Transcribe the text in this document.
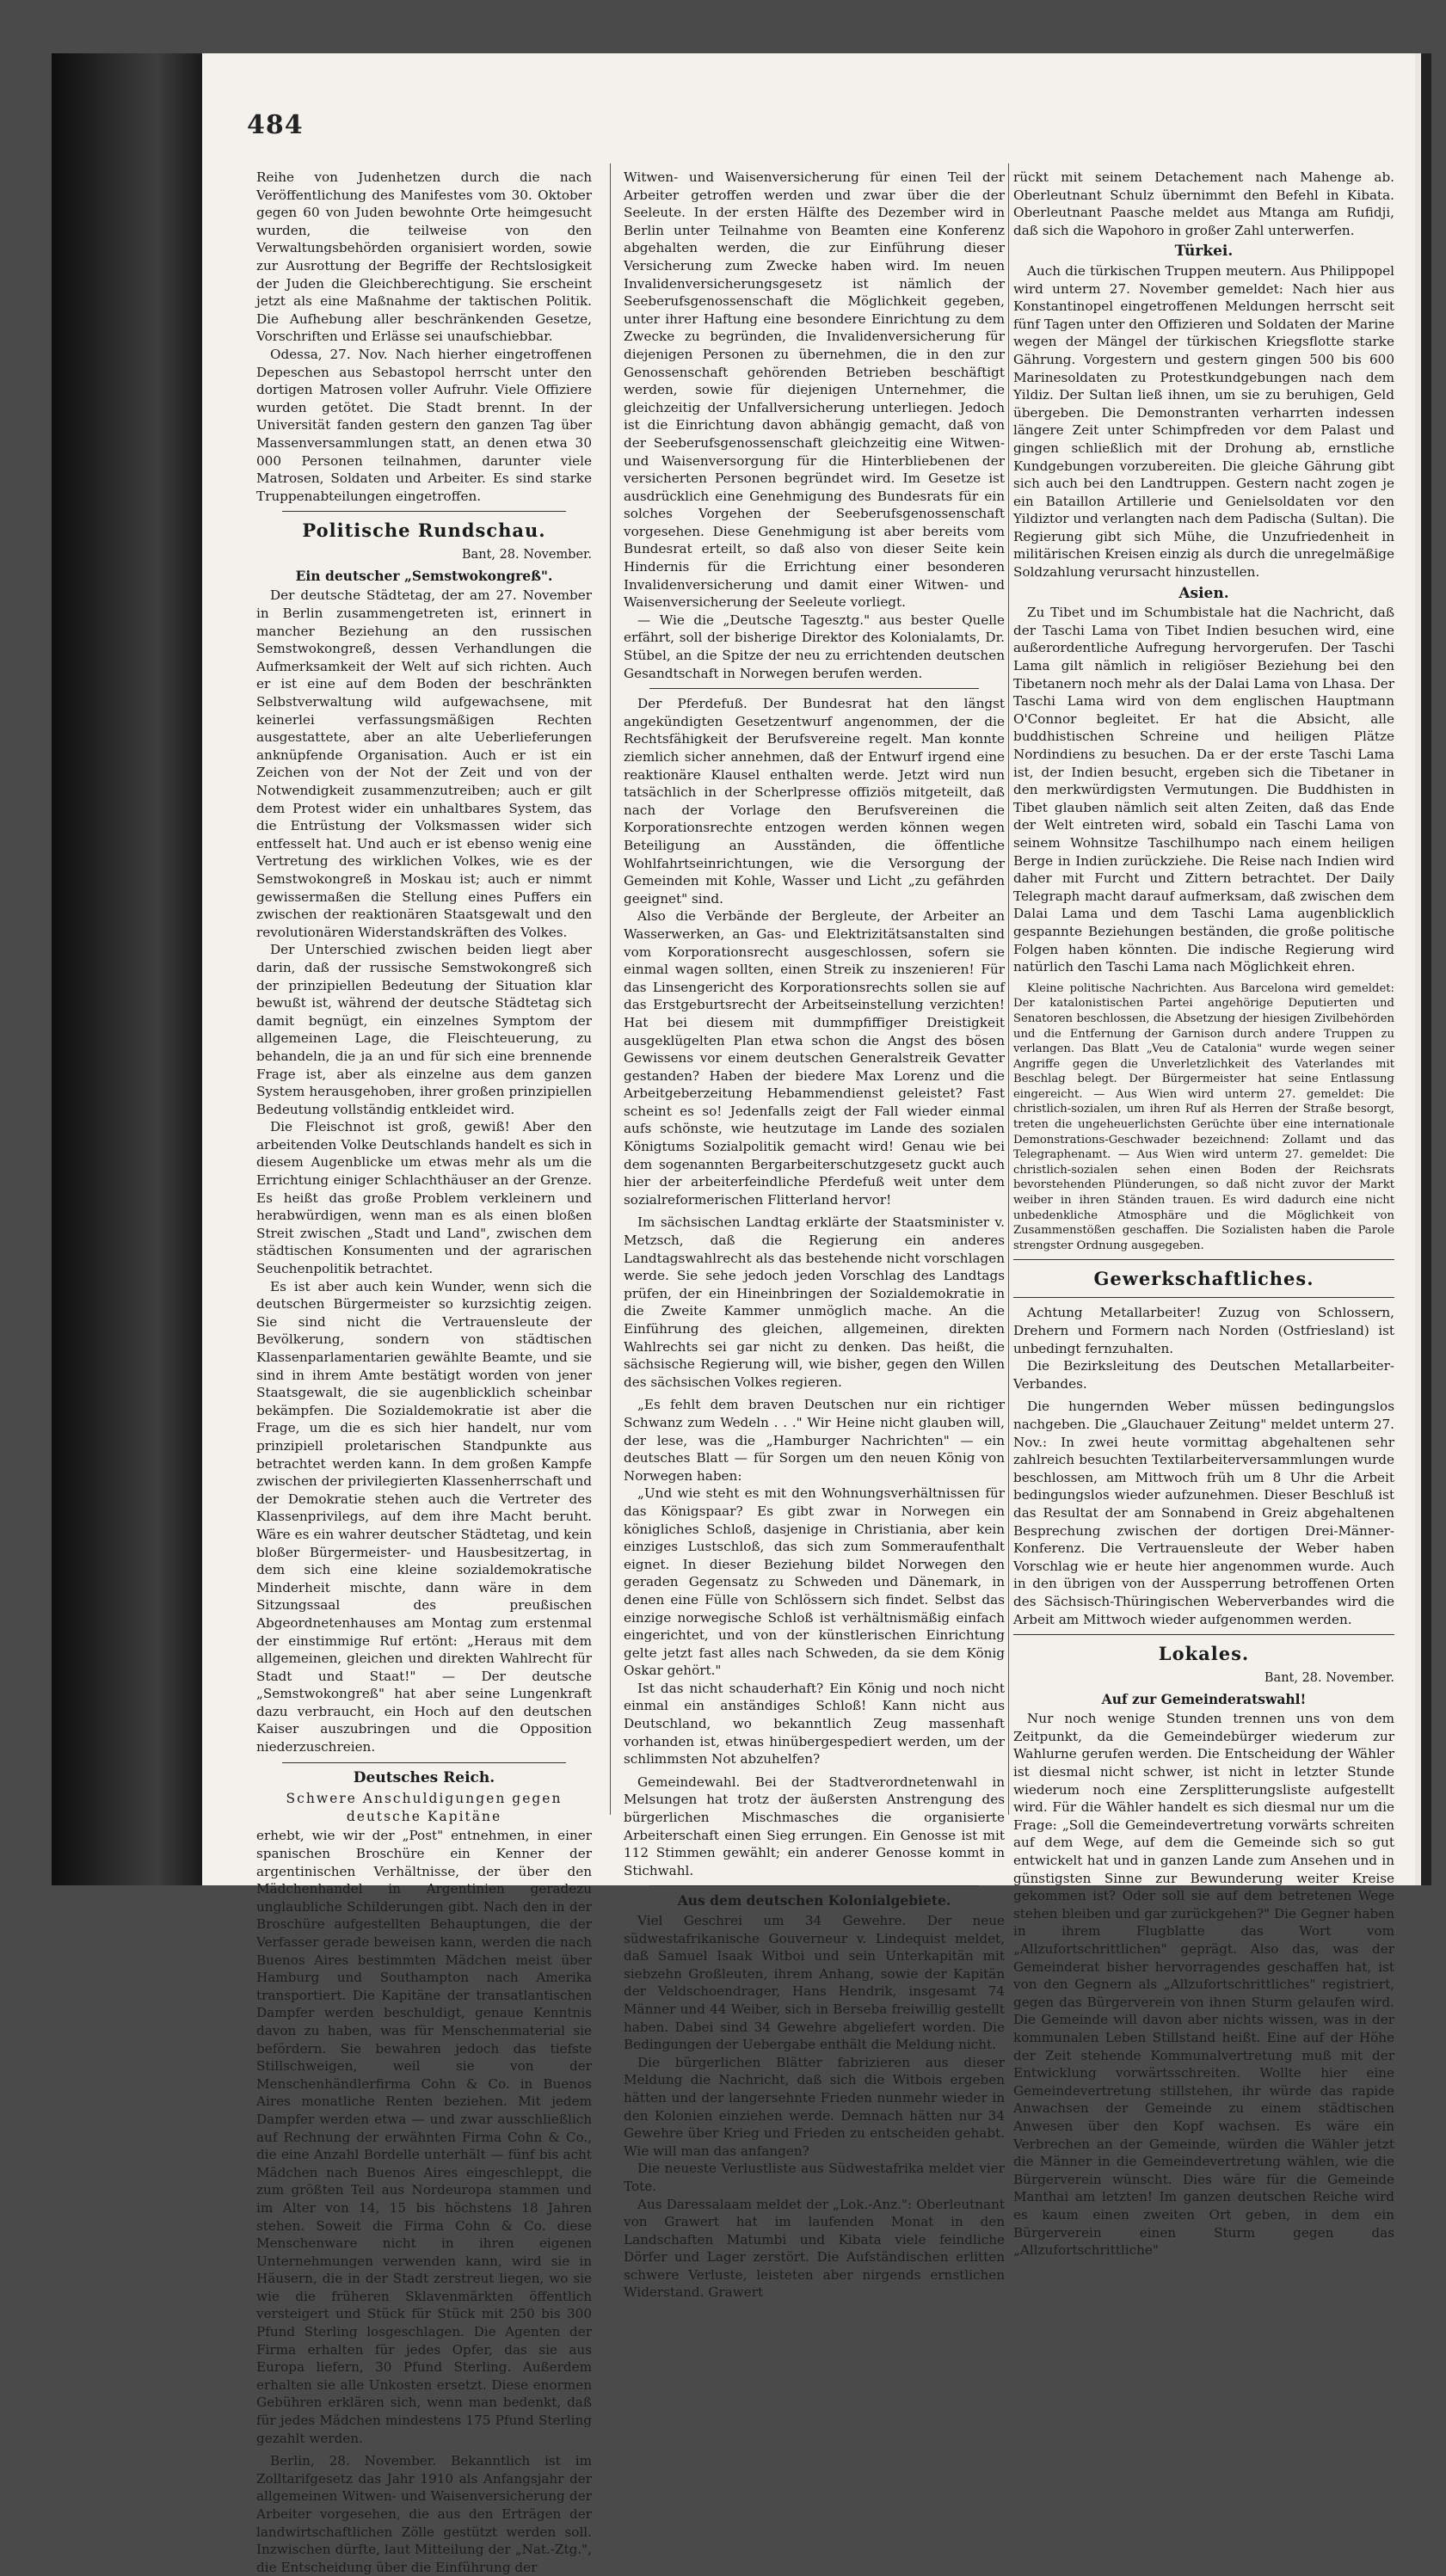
484

Reihe von Judenhetzen durch die nach Veröffentlichung des Manifestes vom 30. Oktober gegen 60 von Juden bewohnte Orte heimgesucht wurden, die teilweise von den Verwaltungsbehörden organisiert worden, sowie zur Ausrottung der Begriffe der Rechtslosigkeit der Juden die Gleichberechtigung. Sie erscheint jetzt als eine Maßnahme der taktischen Politik. Die Aufhebung aller beschränkenden Gesetze, Vorschriften und Erlässe sei unaufschiebbar.

Odessa, 27. Nov. Nach hierher eingetroffenen Depeschen aus Sebastopol herrscht unter den dortigen Matrosen voller Aufruhr. Viele Offiziere wurden getötet. Die Stadt brennt. In der Universität fanden gestern den ganzen Tag über Massenversammlungen statt, an denen etwa 30 000 Personen teilnahmen, darunter viele Matrosen, Soldaten und Arbeiter. Es sind starke Truppenabteilungen eingetroffen.

Politische Rundschau.
Bant, 28. November.
Ein deutscher „Semstwokongreß".

Der deutsche Städtetag, der am 27. November in Berlin zusammengetreten ist, erinnert in mancher Beziehung an den russischen Semstwokongreß, dessen Verhandlungen die Aufmerksamkeit der Welt auf sich richten. Auch er ist eine auf dem Boden der beschränkten Selbstverwaltung wild aufgewachsene, mit keinerlei verfassungsmäßigen Rechten ausgestattete, aber an alte Ueberlieferungen anknüpfende Organisation. Auch er ist ein Zeichen von der Not der Zeit und von der Notwendigkeit zusammenzutreiben; auch er gilt dem Protest wider ein unhaltbares System, das die Entrüstung der Volksmassen wider sich entfesselt hat. Und auch er ist ebenso wenig eine Vertretung des wirklichen Volkes, wie es der Semstwokongreß in Moskau ist; auch er nimmt gewissermaßen die Stellung eines Puffers ein zwischen der reaktionären Staatsgewalt und den revolutionären Widerstandskräften des Volkes.

Der Unterschied zwischen beiden liegt aber darin, daß der russische Semstwokongreß sich der prinzipiellen Bedeutung der Situation klar bewußt ist, während der deutsche Städtetag sich damit begnügt, ein einzelnes Symptom der allgemeinen Lage, die Fleischteuerung, zu behandeln, die ja an und für sich eine brennende Frage ist, aber als einzelne aus dem ganzen System herausgehoben, ihrer großen prinzipiellen Bedeutung vollständig entkleidet wird.

Die Fleischnot ist groß, gewiß! Aber den arbeitenden Volke Deutschlands handelt es sich in diesem Augenblicke um etwas mehr als um die Errichtung einiger Schlachthäuser an der Grenze. Es heißt das große Problem verkleinern und herabwürdigen, wenn man es als einen bloßen Streit zwischen „Stadt und Land", zwischen dem städtischen Konsumenten und der agrarischen Seuchenpolitik betrachtet.

Es ist aber auch kein Wunder, wenn sich die deutschen Bürgermeister so kurzsichtig zeigen. Sie sind nicht die Vertrauensleute der Bevölkerung, sondern von städtischen Klassenparlamentarien gewählte Beamte, und sie sind in ihrem Amte bestätigt worden von jener Staatsgewalt, die sie augenblicklich scheinbar bekämpfen. Die Sozialdemokratie ist aber die Frage, um die es sich hier handelt, nur vom prinzipiell proletarischen Standpunkte aus betrachtet werden kann. In dem großen Kampfe zwischen der privilegierten Klassenherrschaft und der Demokratie stehen auch die Vertreter des Klassenprivilegs, auf dem ihre Macht beruht. Wäre es ein wahrer deutscher Städtetag, und kein bloßer Bürgermeister- und Hausbesitzertag, in dem sich eine kleine sozialdemokratische Minderheit mischte, dann wäre in dem Sitzungssaal des preußischen Abgeordnetenhauses am Montag zum erstenmal der einstimmige Ruf ertönt: „Heraus mit dem allgemeinen, gleichen und direkten Wahlrecht für Stadt und Staat!" — Der deutsche „Semstwokongreß" hat aber seine Lungenkraft dazu verbraucht, ein Hoch auf den deutschen Kaiser auszubringen und die Opposition niederzuschreien.

Deutsches Reich.
Schwere Anschuldigungen gegen deutsche Kapitäne

erhebt, wie wir der „Post" entnehmen, in einer spanischen Broschüre ein Kenner der argentinischen Verhältnisse, der über den Mädchenhandel in Argentinien geradezu unglaubliche Schilderungen gibt. Nach den in der Broschüre aufgestellten Behauptungen, die der Verfasser gerade beweisen kann, werden die nach Buenos Aires bestimmten Mädchen meist über Hamburg und Southampton nach Amerika transportiert. Die Kapitäne der transatlantischen Dampfer werden beschuldigt, genaue Kenntnis davon zu haben, was für Menschenmaterial sie befördern. Sie bewahren jedoch das tiefste Stillschweigen, weil sie von der Menschenhändlerfirma Cohn & Co. in Buenos Aires monatliche Renten beziehen. Mit jedem Dampfer werden etwa — und zwar ausschließlich auf Rechnung der erwähnten Firma Cohn & Co., die eine Anzahl Bordelle unterhält — fünf bis acht Mädchen nach Buenos Aires eingeschleppt, die zum größten Teil aus Nordeuropa stammen und im Alter von 14, 15 bis höchstens 18 Jahren stehen. Soweit die Firma Cohn & Co. diese Menschenware nicht in ihren eigenen Unternehmungen verwenden kann, wird sie in Häusern, die in der Stadt zerstreut liegen, wo sie wie die früheren Sklavenmärkten öffentlich versteigert und Stück für Stück mit 250 bis 300 Pfund Sterling losgeschlagen. Die Agenten der Firma erhalten für jedes Opfer, das sie aus Europa liefern, 30 Pfund Sterling. Außerdem erhalten sie alle Unkosten ersetzt. Diese enormen Gebühren erklären sich, wenn man bedenkt, daß für jedes Mädchen mindestens 175 Pfund Sterling gezahlt werden.

Berlin, 28. November. Bekanntlich ist im Zolltarifgesetz das Jahr 1910 als Anfangsjahr der allgemeinen Witwen- und Waisenversicherung der Arbeiter vorgesehen, die aus den Erträgen der landwirtschaftlichen Zölle gestützt werden soll. Inzwischen dürfte, laut Mitteilung der „Nat.-Ztg.", die Entscheidung über die Einführung der

Witwen- und Waisenversicherung für einen Teil der Arbeiter getroffen werden und zwar über die der Seeleute. In der ersten Hälfte des Dezember wird in Berlin unter Teilnahme von Beamten eine Konferenz abgehalten werden, die zur Einführung dieser Versicherung zum Zwecke haben wird. Im neuen Invalidenversicherungsgesetz ist nämlich der Seeberufsgenossenschaft die Möglichkeit gegeben, unter ihrer Haftung eine besondere Einrichtung zu dem Zwecke zu begründen, die Invalidenversicherung für diejenigen Personen zu übernehmen, die in den zur Genossenschaft gehörenden Betrieben beschäftigt werden, sowie für diejenigen Unternehmer, die gleichzeitig der Unfallversicherung unterliegen. Jedoch ist die Einrichtung davon abhängig gemacht, daß von der Seeberufsgenossenschaft gleichzeitig eine Witwen- und Waisenversorgung für die Hinterbliebenen der versicherten Personen begründet wird. Im Gesetze ist ausdrücklich eine Genehmigung des Bundesrats für ein solches Vorgehen der Seeberufsgenossenschaft vorgesehen. Diese Genehmigung ist aber bereits vom Bundesrat erteilt, so daß also von dieser Seite kein Hindernis für die Errichtung einer besonderen Invalidenversicherung und damit einer Witwen- und Waisenversicherung der Seeleute vorliegt.

— Wie die „Deutsche Tagesztg." aus bester Quelle erfährt, soll der bisherige Direktor des Kolonialamts, Dr. Stübel, an die Spitze der neu zu errichtenden deutschen Gesandtschaft in Norwegen berufen werden.

Der Pferdefuß. Der Bundesrat hat den längst angekündigten Gesetzentwurf angenommen, der die Rechtsfähigkeit der Berufsvereine regelt. Man konnte ziemlich sicher annehmen, daß der Entwurf irgend eine reaktionäre Klausel enthalten werde. Jetzt wird nun tatsächlich in der Scherlpresse offiziös mitgeteilt, daß nach der Vorlage den Berufsvereinen die Korporationsrechte entzogen werden können wegen Beteiligung an Ausständen, die öffentliche Wohlfahrtseinrichtungen, wie die Versorgung der Gemeinden mit Kohle, Wasser und Licht „zu gefährden geeignet" sind.

Also die Verbände der Bergleute, der Arbeiter an Wasserwerken, an Gas- und Elektrizitätsanstalten sind vom Korporationsrecht ausgeschlossen, sofern sie einmal wagen sollten, einen Streik zu inszenieren! Für das Linsengericht des Korporationsrechts sollen sie auf das Erstgeburtsrecht der Arbeitseinstellung verzichten! Hat bei diesem mit dummpfiffiger Dreistigkeit ausgeklügelten Plan etwa schon die Angst des bösen Gewissens vor einem deutschen Generalstreik Gevatter gestanden? Haben der biedere Max Lorenz und die Arbeitgeberzeitung Hebammendienst geleistet? Fast scheint es so! Jedenfalls zeigt der Fall wieder einmal aufs schönste, wie heutzutage im Lande des sozialen Königtums Sozialpolitik gemacht wird! Genau wie bei dem sogenannten Bergarbeiterschutzgesetz guckt auch hier der arbeiterfeindliche Pferdefuß weit unter dem sozialreformerischen Flitterland hervor!

Im sächsischen Landtag erklärte der Staatsminister v. Metzsch, daß die Regierung ein anderes Landtagswahlrecht als das bestehende nicht vorschlagen werde. Sie sehe jedoch jeden Vorschlag des Landtags prüfen, der ein Hineinbringen der Sozialdemokratie in die Zweite Kammer unmöglich mache. An die Einführung des gleichen, allgemeinen, direkten Wahlrechts sei gar nicht zu denken. Das heißt, die sächsische Regierung will, wie bisher, gegen den Willen des sächsischen Volkes regieren.

„Es fehlt dem braven Deutschen nur ein richtiger Schwanz zum Wedeln . . ." Wir Heine nicht glauben will, der lese, was die „Hamburger Nachrichten" — ein deutsches Blatt — für Sorgen um den neuen König von Norwegen haben:

„Und wie steht es mit den Wohnungsverhältnissen für das Königspaar? Es gibt zwar in Norwegen ein königliches Schloß, dasjenige in Christiania, aber kein einziges Lustschloß, das sich zum Sommeraufenthalt eignet. In dieser Beziehung bildet Norwegen den geraden Gegensatz zu Schweden und Dänemark, in denen eine Fülle von Schlössern sich findet. Selbst das einzige norwegische Schloß ist verhältnismäßig einfach eingerichtet, und von der künstlerischen Einrichtung gelte jetzt fast alles nach Schweden, da sie dem König Oskar gehört."

Ist das nicht schauderhaft? Ein König und noch nicht einmal ein anständiges Schloß! Kann nicht aus Deutschland, wo bekanntlich Zeug massenhaft vorhanden ist, etwas hinübergespediert werden, um der schlimmsten Not abzuhelfen?

Gemeindewahl. Bei der Stadtverordnetenwahl in Melsungen hat trotz der äußersten Anstrengung des bürgerlichen Mischmasches die organisierte Arbeiterschaft einen Sieg errungen. Ein Genosse ist mit 112 Stimmen gewählt; ein anderer Genosse kommt in Stichwahl.

Aus dem deutschen Kolonialgebiete.

Viel Geschrei um 34 Gewehre. Der neue südwestafrikanische Gouverneur v. Lindequist meldet, daß Samuel Isaak Witboi und sein Unterkapitän mit siebzehn Großleuten, ihrem Anhang, sowie der Kapitän der Veldschoendrager, Hans Hendrik, insgesamt 74 Männer und 44 Weiber, sich in Berseba freiwillig gestellt haben. Dabei sind 34 Gewehre abgeliefert worden. Die Bedingungen der Uebergabe enthält die Meldung nicht.

Die bürgerlichen Blätter fabrizieren aus dieser Meldung die Nachricht, daß sich die Witbois ergeben hätten und der langersehnte Frieden nunmehr wieder in den Kolonien einziehen werde. Demnach hätten nur 34 Gewehre über Krieg und Frieden zu entscheiden gehabt. Wie will man das anfangen?

Die neueste Verlustliste aus Südwestafrika meldet vier Tote.

Aus Daressalaam meldet der „Lok.-Anz.": Oberleutnant von Grawert hat im laufenden Monat in den Landschaften Matumbi und Kibata viele feindliche Dörfer und Lager zerstört. Die Aufständischen erlitten schwere Verluste, leisteten aber nirgends ernstlichen Widerstand. Grawert

rückt mit seinem Detachement nach Mahenge ab. Oberleutnant Schulz übernimmt den Befehl in Kibata. Oberleutnant Paasche meldet aus Mtanga am Rufidji, daß sich die Wapohoro in großer Zahl unterwerfen.

Türkei.

Auch die türkischen Truppen meutern. Aus Philippopel wird unterm 27. November gemeldet: Nach hier aus Konstantinopel eingetroffenen Meldungen herrscht seit fünf Tagen unter den Offizieren und Soldaten der Marine wegen der Mängel der türkischen Kriegsflotte starke Gährung. Vorgestern und gestern gingen 500 bis 600 Marinesoldaten zu Protestkundgebungen nach dem Yildiz. Der Sultan ließ ihnen, um sie zu beruhigen, Geld übergeben. Die Demonstranten verharrten indessen längere Zeit unter Schimpfreden vor dem Palast und gingen schließlich mit der Drohung ab, ernstliche Kundgebungen vorzubereiten. Die gleiche Gährung gibt sich auch bei den Landtruppen. Gestern nacht zogen je ein Bataillon Artillerie und Genielsoldaten vor den Yildiztor und verlangten nach dem Padischa (Sultan). Die Regierung gibt sich Mühe, die Unzufriedenheit in militärischen Kreisen einzig als durch die unregelmäßige Soldzahlung verursacht hinzustellen.

Asien.

Zu Tibet und im Schumbistale hat die Nachricht, daß der Taschi Lama von Tibet Indien besuchen wird, eine außerordentliche Aufregung hervorgerufen. Der Taschi Lama gilt nämlich in religiöser Beziehung bei den Tibetanern noch mehr als der Dalai Lama von Lhasa. Der Taschi Lama wird von dem englischen Hauptmann O'Connor begleitet. Er hat die Absicht, alle buddhistischen Schreine und heiligen Plätze Nordindiens zu besuchen. Da er der erste Taschi Lama ist, der Indien besucht, ergeben sich die Tibetaner in den merkwürdigsten Vermutungen. Die Buddhisten in Tibet glauben nämlich seit alten Zeiten, daß das Ende der Welt eintreten wird, sobald ein Taschi Lama von seinem Wohnsitze Taschilhumpo nach einem heiligen Berge in Indien zurückziehe. Die Reise nach Indien wird daher mit Furcht und Zittern betrachtet. Der Daily Telegraph macht darauf aufmerksam, daß zwischen dem Dalai Lama und dem Taschi Lama augenblicklich gespannte Beziehungen beständen, die große politische Folgen haben könnten. Die indische Regierung wird natürlich den Taschi Lama nach Möglichkeit ehren.

Kleine politische Nachrichten. Aus Barcelona wird gemeldet: Der katalonistischen Partei angehörige Deputierten und Senatoren beschlossen, die Absetzung der hiesigen Zivilbehörden und die Entfernung der Garnison durch andere Truppen zu verlangen. Das Blatt „Veu de Catalonia" wurde wegen seiner Angriffe gegen die Unverletzlichkeit des Vaterlandes mit Beschlag belegt. Der Bürgermeister hat seine Entlassung eingereicht. — Aus Wien wird unterm 27. gemeldet: Die christlich-sozialen, um ihren Ruf als Herren der Straße besorgt, treten die ungeheuerlichsten Gerüchte über eine internationale Demonstrations-Geschwader bezeichnend: Zollamt und das Telegraphenamt. — Aus Wien wird unterm 27. gemeldet: Die christlich-sozialen sehen einen Boden der Reichsrats bevorstehenden Plünderungen, so daß nicht zuvor der Markt weiber in ihren Ständen trauen. Es wird dadurch eine nicht unbedenkliche Atmosphäre und die Möglichkeit von Zusammenstößen geschaffen. Die Sozialisten haben die Parole strengster Ordnung ausgegeben.

Gewerkschaftliches.

Achtung Metallarbeiter! Zuzug von Schlossern, Drehern und Formern nach Norden (Ostfriesland) ist unbedingt fernzuhalten.

Die Bezirksleitung des Deutschen Metallarbeiter-Verbandes.

Die hungernden Weber müssen bedingungslos nachgeben. Die „Glauchauer Zeitung" meldet unterm 27. Nov.: In zwei heute vormittag abgehaltenen sehr zahlreich besuchten Textilarbeiterversammlungen wurde beschlossen, am Mittwoch früh um 8 Uhr die Arbeit bedingungslos wieder aufzunehmen. Dieser Beschluß ist das Resultat der am Sonnabend in Greiz abgehaltenen Besprechung zwischen der dortigen Drei-Männer-Konferenz. Die Vertrauensleute der Weber haben Vorschlag wie er heute hier angenommen wurde. Auch in den übrigen von der Aussperrung betroffenen Orten des Sächsisch-Thüringischen Weberverbandes wird die Arbeit am Mittwoch wieder aufgenommen werden.

Lokales.
Bant, 28. November.
Auf zur Gemeinderatswahl!

Nur noch wenige Stunden trennen uns von dem Zeitpunkt, da die Gemeindebürger wiederum zur Wahlurne gerufen werden. Die Entscheidung der Wähler ist diesmal nicht schwer, ist nicht in letzter Stunde wiederum noch eine Zersplitterungsliste aufgestellt wird. Für die Wähler handelt es sich diesmal nur um die Frage: „Soll die Gemeindevertretung vorwärts schreiten auf dem Wege, auf dem die Gemeinde sich so gut entwickelt hat und in ganzen Lande zum Ansehen und in günstigsten Sinne zur Bewunderung weiter Kreise gekommen ist? Oder soll sie auf dem betretenen Wege stehen bleiben und gar zurückgehen?" Die Gegner haben in ihrem Flugblatte das Wort vom „Allzufortschrittlichen" geprägt. Also das, was der Gemeinderat bisher hervorragendes geschaffen hat, ist von den Gegnern als „Allzufortschrittliches" registriert, gegen das Bürgerverein von ihnen Sturm gelaufen wird. Die Gemeinde will davon aber nichts wissen, was in der kommunalen Leben Stillstand heißt. Eine auf der Höhe der Zeit stehende Kommunalvertretung muß mit der Entwicklung vorwärtsschreiten. Wollte hier eine Gemeindevertretung stillstehen, ihr würde das rapide Anwachsen der Gemeinde zu einem städtischen Anwesen über den Kopf wachsen. Es wäre ein Verbrechen an der Gemeinde, würden die Wähler jetzt die Männer in die Gemeindevertretung wählen, wie die Bürgerverein wünscht. Dies wäre für die Gemeinde Manthai am letzten! Im ganzen deutschen Reiche wird es kaum einen zweiten Ort geben, in dem ein Bürgerverein einen Sturm gegen das „Allzufortschrittliche"
